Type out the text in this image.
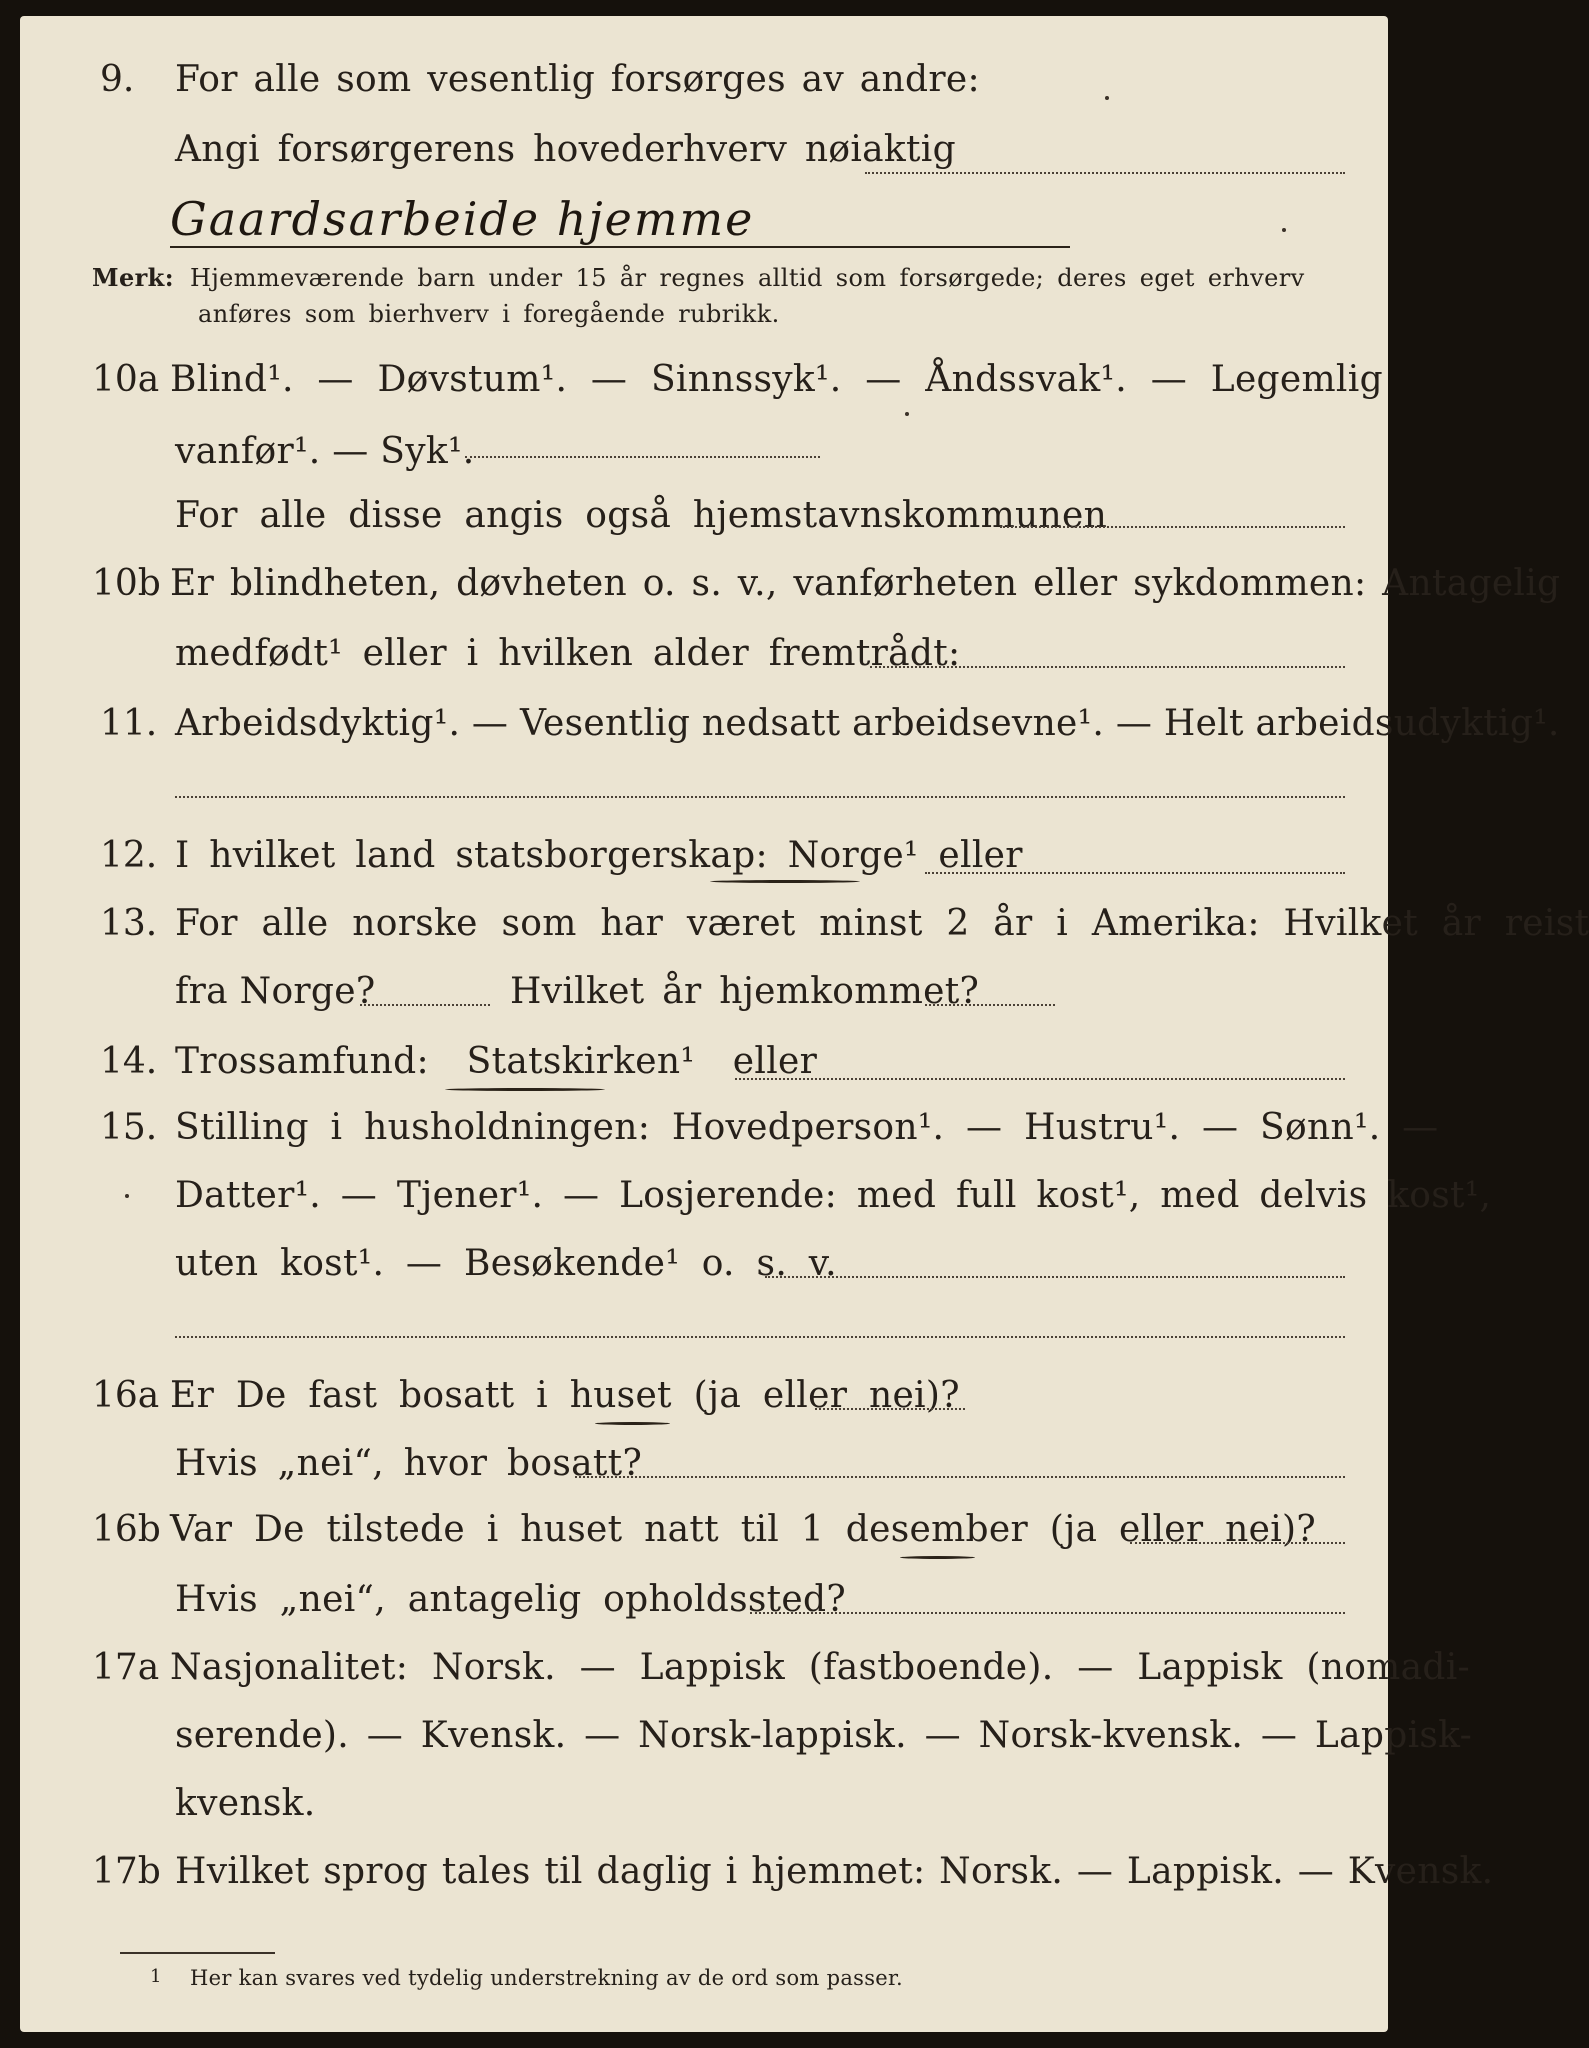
9. For alle som vesentlig forsørges av andre:
Angi forsørgerens hovederhverv nøiaktig
Gaardsarbeide hjemme
Merk: Hjemmeværende barn under 15 år regnes alltid som forsørgede; deres eget erhverv
anføres som bierhverv i foregående rubrikk.
10a Blind¹. — Døvstum¹. — Sinnssyk¹. — Åndssvak¹. — Legemlig
vanfør¹. — Syk¹.
For alle disse angis også hjemstavnskommunen
10b Er blindheten, døvheten o. s. v., vanførheten eller sykdommen: Antagelig
medfødt¹ eller i hvilken alder fremtrådt:
11. Arbeidsdyktig¹. — Vesentlig nedsatt arbeidsevne¹. — Helt arbeidsudyktig¹.
12. I hvilket land statsborgerskap: Norge¹ eller
13. For alle norske som har været minst 2 år i Amerika: Hvilket år reist
fra Norge?	Hvilket år hjemkommet?
14. Trossamfund: Statskirken¹ eller
15. Stilling i husholdningen: Hovedperson¹. — Hustru¹. — Sønn¹. —
Datter¹. — Tjener¹. — Losjerende: med full kost¹, med delvis kost¹,
uten kost¹. — Besøkende¹ o. s. v.
16a Er De fast bosatt i huset (ja eller nei)?
Hvis „nei“, hvor bosatt?
16b Var De tilstede i huset natt til 1 desember (ja eller nei)?
Hvis „nei“, antagelig opholdssted?
17a Nasjonalitet: Norsk. — Lappisk (fastboende). — Lappisk (nomadi-
serende). — Kvensk. — Norsk-lappisk. — Norsk-kvensk. — Lappisk-
kvensk.
17b Hvilket sprog tales til daglig i hjemmet: Norsk. — Lappisk. — Kvensk.
1 Her kan svares ved tydelig understrekning av de ord som passer.
